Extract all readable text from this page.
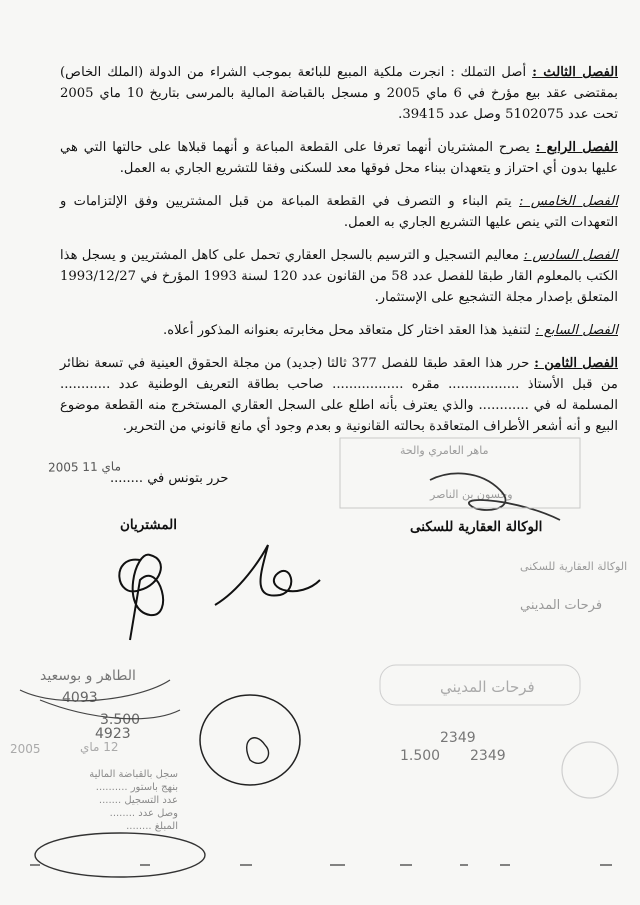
الفصل الثالث : أصل التملك : انجرت ملكية المبيع للبائعة بموجب الشراء من الدولة (الملك الخاص) بمقتضى عقد بيع مؤرخ في 6 ماي 2005 و مسجل بالقباضة المالية بالمرسى بتاريخ 10 ماي 2005 تحت عدد 5102075 وصل عدد 39415.

الفصل الرابع : يصرح المشتريان أنهما تعرفا على القطعة المباعة و أنهما قبلاها على حالتها التي هي عليها بدون أي احتراز و يتعهدان ببناء محل فوقها معد للسكنى وفقا للتشريع الجاري به العمل.

الفصل الخامس : يتم البناء و التصرف في القطعة المباعة من قبل المشتريين وفق الإلتزامات و التعهدات التي ينص عليها التشريع الجاري به العمل.

الفصل السادس : معاليم التسجيل و الترسيم بالسجل العقاري تحمل على كاهل المشتريين و يسجل هذا الكتب بالمعلوم القار طبقا للفصل عدد 58 من القانون عدد 120 لسنة 1993 المؤرخ في 1993/12/27 المتعلق بإصدار مجلة التشجيع على الإستثمار.

الفصل السابع : لتنفيذ هذا العقد اختار كل متعاقد محل مخابرته بعنوانه المذكور أعلاه.

الفصل الثامن : حرر هذا العقد طبقا للفصل 377 ثالثا (جديد) من مجلة الحقوق العينية في تسعة نظائر من قبل الأستاذ ................. مقره ................. صاحب بطاقة التعريف الوطنية عدد ............ المسلمة له في ............ والذي يعترف بأنه اطلع على السجل العقاري المستخرج منه القطعة موضوع البيع و أنه أشعر الأطراف المتعاقدة بحالته القانونية و بعدم وجود أي مانع قانوني من التحرير.

2005 ماي 11
حرر بتونس في ........
المشتريان	الوكالة العقارية للسكنى
ماهر العامري والحة
وحسون بن الناصر
الوكالة العقارية للسكنى
فرحات المديني
الطاهر و بوسعيد
4093
3.500
4923	2349
1.500 2349
فرحات المديني
2005	12 ماي
سجل بالقباضة المالية
بنهج باستور ..........
عدد التسجيل .......
وصل عدد ........
المبلغ ........
